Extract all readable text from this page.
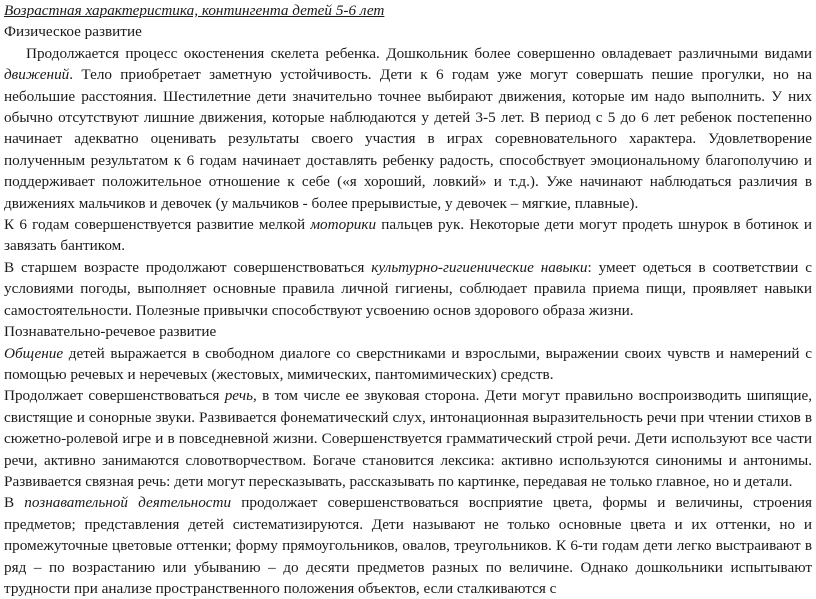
Возрастная характеристика, контингента детей 5-6 лет

Физическое развитие

Продолжается процесс окостенения скелета ребенка. Дошкольник более совершенно овладевает различными видами движений. Тело приобретает заметную устойчивость. Дети к 6 годам уже могут совершать пешие прогулки, но на небольшие расстояния. Шестилетние дети значительно точнее выбирают движения, которые им надо выполнить. У них обычно отсутствуют лишние движения, которые наблюдаются у детей 3-5 лет. В период с 5 до 6 лет ребенок постепенно начинает адекватно оценивать результаты своего участия в играх соревновательного характера. Удовлетворение полученным результатом к 6 годам начинает доставлять ребенку радость, способствует эмоциональному благополучию и поддерживает положительное отношение к себе («я хороший, ловкий» и т.д.). Уже начинают наблюдаться различия в движениях мальчиков и девочек (у мальчиков - более прерывистые, у девочек – мягкие, плавные).

К 6 годам совершенствуется развитие мелкой моторики пальцев рук. Некоторые дети могут продеть шнурок в ботинок и завязать бантиком.

В старшем возрасте продолжают совершенствоваться культурно-гигиенические навыки: умеет одеться в соответствии с условиями погоды, выполняет основные правила личной гигиены, соблюдает правила приема пищи, проявляет навыки самостоятельности. Полезные привычки способствуют усвоению основ здорового образа жизни.

Познавательно-речевое развитие

Общение детей выражается в свободном диалоге со сверстниками и взрослыми, выражении своих чувств и намерений с помощью речевых и неречевых (жестовых, мимических, пантомимических) средств.

Продолжает совершенствоваться речь, в том числе ее звуковая сторона. Дети могут правильно воспроизводить шипящие, свистящие и сонорные звуки. Развивается фонематический слух, интонационная выразительность речи при чтении стихов в сюжетно-ролевой игре и в повседневной жизни. Совершенствуется грамматический строй речи. Дети используют все части речи, активно занимаются словотворчеством. Богаче становится лексика: активно используются синонимы и антонимы. Развивается связная речь: дети могут пересказывать, рассказывать по картинке, передавая не только главное, но и детали.

В познавательной деятельности продолжает совершенствоваться восприятие цвета, формы и величины, строения предметов; представления детей систематизируются. Дети называют не только основные цвета и их оттенки, но и промежуточные цветовые оттенки; форму прямоугольников, овалов, треугольников. К 6-ти годам дети легко выстраивают в ряд – по возрастанию или убыванию – до десяти предметов разных по величине. Однако дошкольники испытывают трудности при анализе пространственного положения объектов, если сталкиваются с
